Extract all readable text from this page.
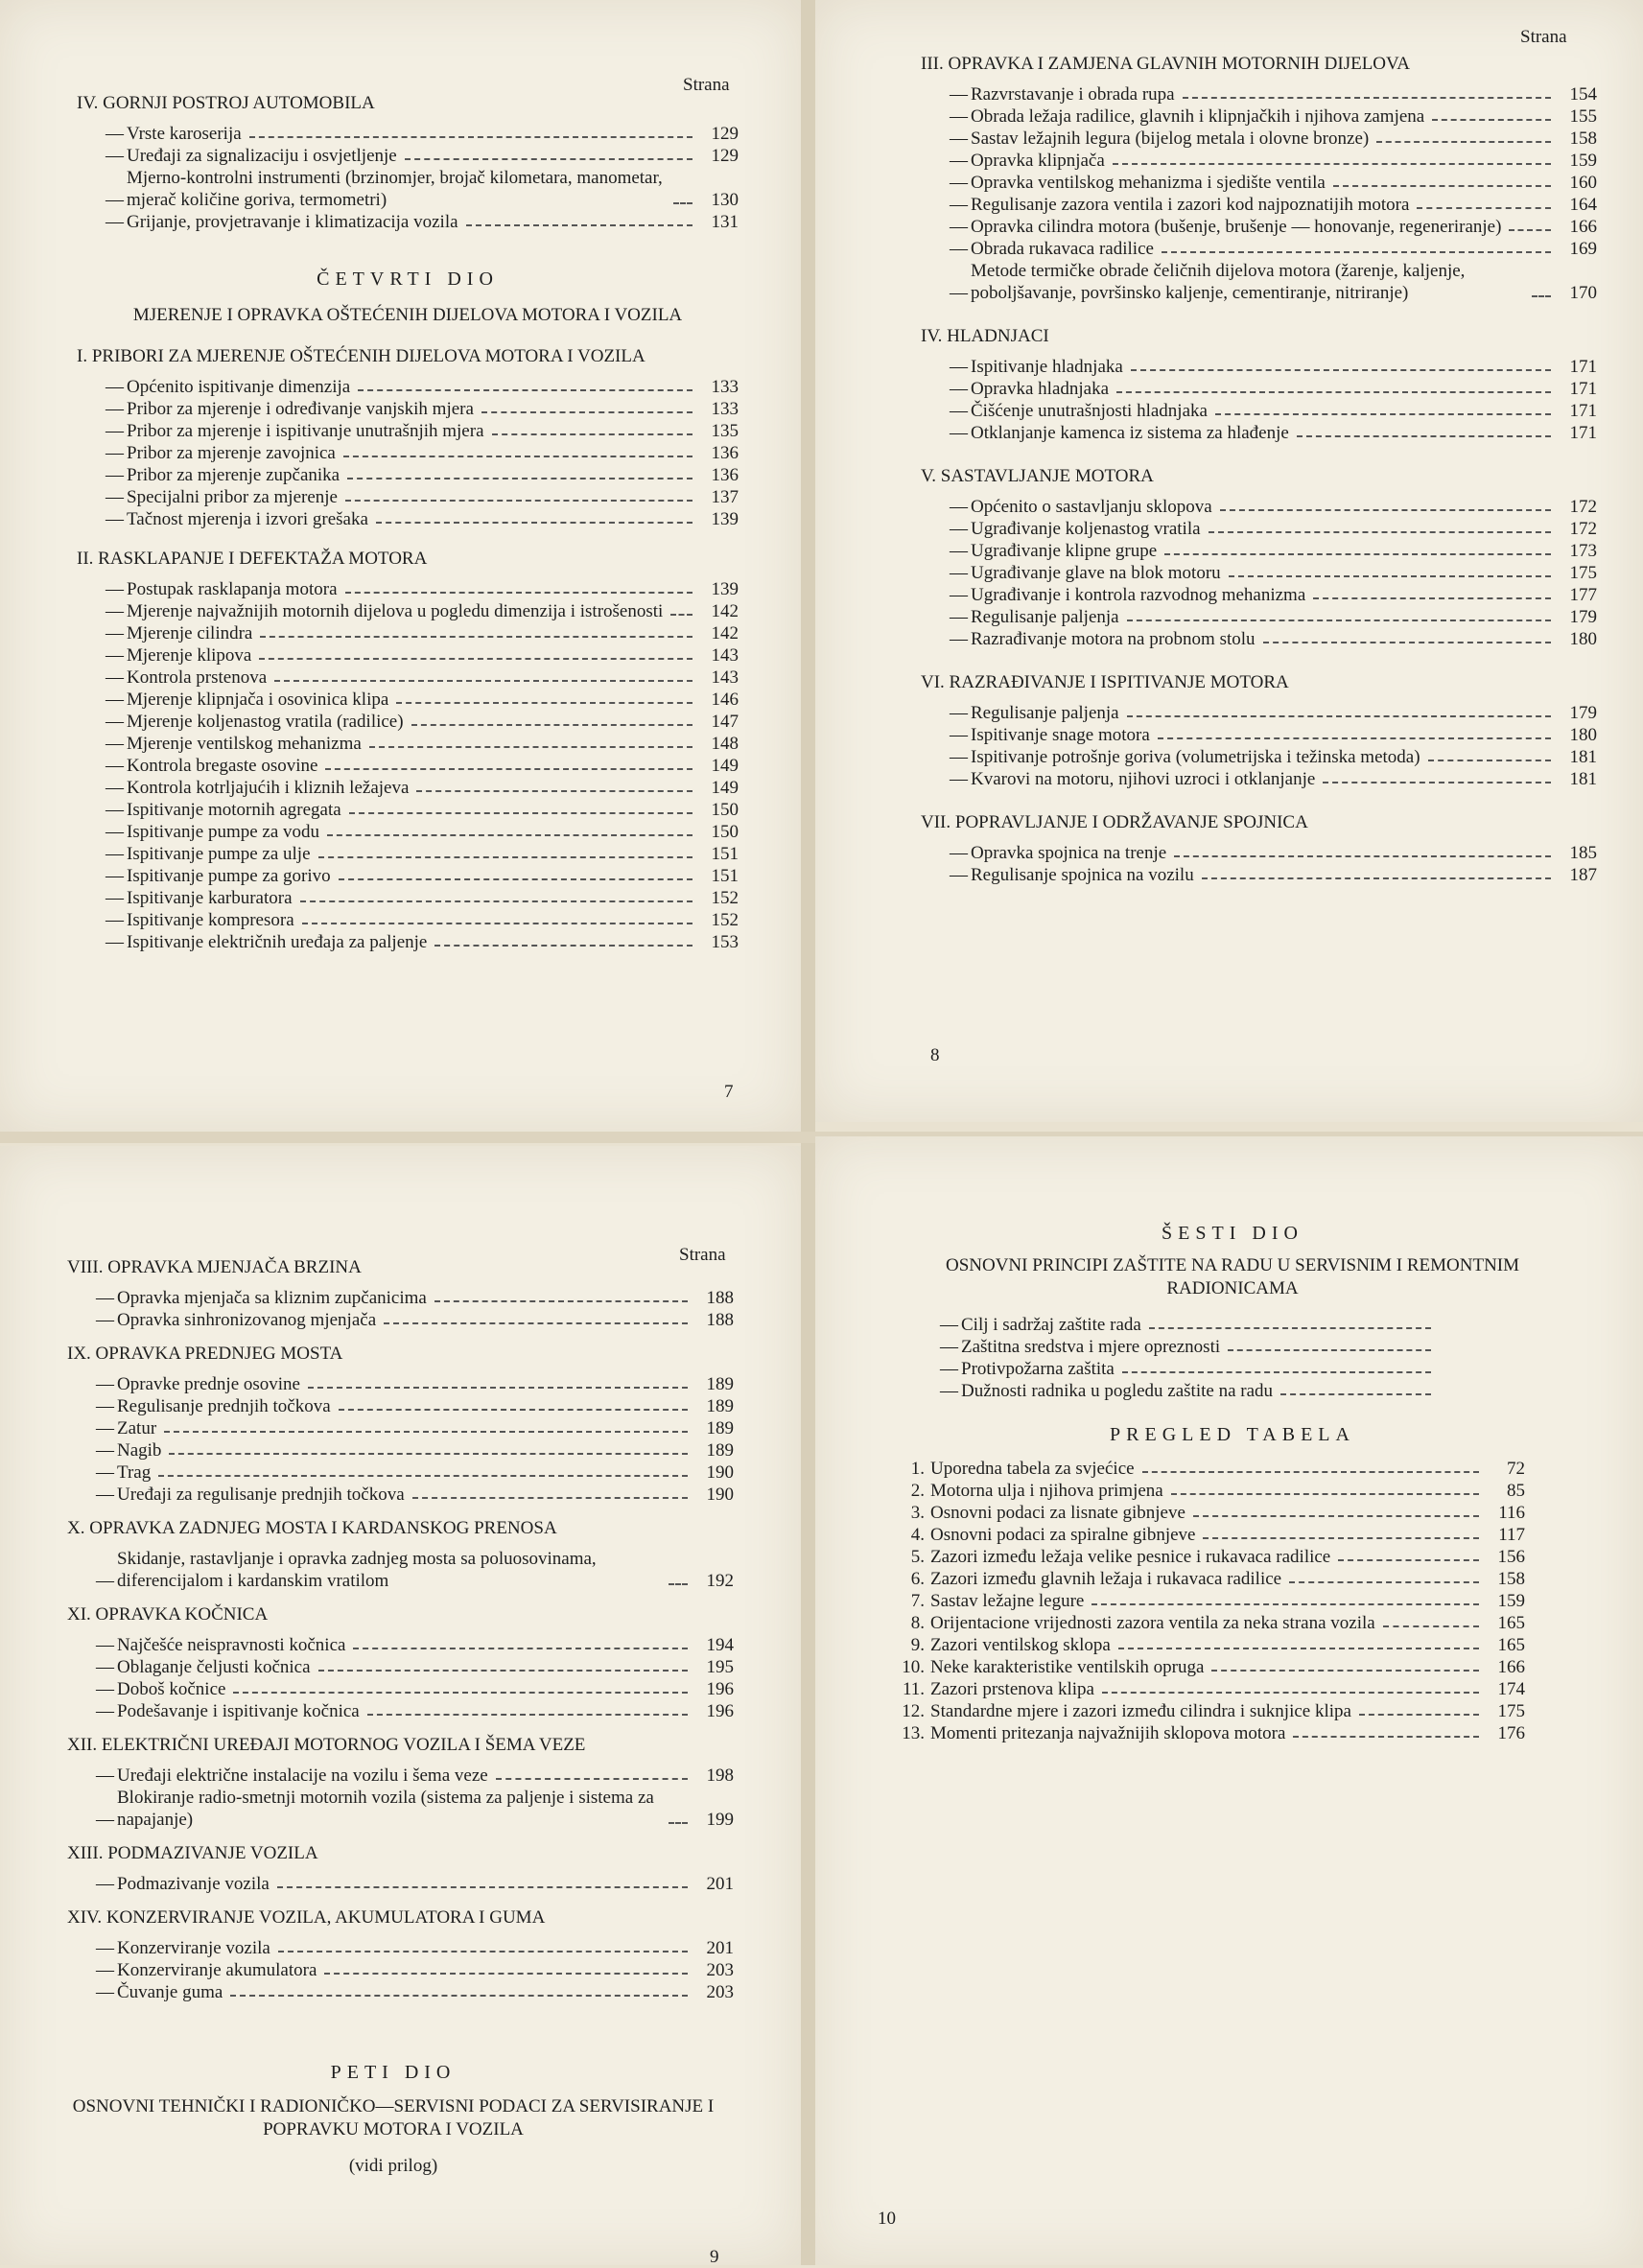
Strana
IV. GORNJI POSTROJ AUTOMOBILA
— Vrste karoserija	129
— Uređaji za signalizaciju i osvjetljenje	129
—
Mjerno-kontrolni instrumenti (brzinomjer, brojač kilometara, manometar, mjerač količine goriva, termometri)	130
— Grijanje, provjetravanje i klimatizacija vozila	131
ČETVRTI DIO
MJERENJE I OPRAVKA OŠTEĆENIH DIJELOVA MOTORA I VOZILA
I. PRIBORI ZA MJERENJE OŠTEĆENIH DIJELOVA MOTORA I VOZILA
— Općenito ispitivanje dimenzija	133
— Pribor za mjerenje i određivanje vanjskih mjera	133
— Pribor za mjerenje i ispitivanje unutrašnjih mjera	135
— Pribor za mjerenje zavojnica	136
— Pribor za mjerenje zupčanika	136
— Specijalni pribor za mjerenje	137
— Tačnost mjerenja i izvori grešaka	139
II. RASKLAPANJE I DEFEKTAŽA MOTORA
— Postupak rasklapanja motora	139
— Mjerenje najvažnijih motornih dijelova u pogledu dimenzija i istrošenosti	142
— Mjerenje cilindra	142
— Mjerenje klipova	143
— Kontrola prstenova	143
— Mjerenje klipnjača i osovinica klipa	146
— Mjerenje koljenastog vratila (radilice)	147
— Mjerenje ventilskog mehanizma	148
— Kontrola bregaste osovine	149
— Kontrola kotrljajućih i kliznih ležajeva	149
— Ispitivanje motornih agregata	150
— Ispitivanje pumpe za vodu	150
— Ispitivanje pumpe za ulje	151
— Ispitivanje pumpe za gorivo	151
— Ispitivanje karburatora	152
— Ispitivanje kompresora	152
— Ispitivanje električnih uređaja za paljenje	153
7
Strana
III. OPRAVKA I ZAMJENA GLAVNIH MOTORNIH DIJELOVA
— Razvrstavanje i obrada rupa	154
— Obrada ležaja radilice, glavnih i klipnjačkih i njihova zamjena	155
— Sastav ležajnih legura (bijelog metala i olovne bronze)	158
— Opravka klipnjača	159
— Opravka ventilskog mehanizma i sjedište ventila	160
— Regulisanje zazora ventila i zazori kod najpoznatijih motora	164
— Opravka cilindra motora (bušenje, brušenje — honovanje, regeneriranje)	166
— Obrada rukavaca radilice	169
—
Metode termičke obrade čeličnih dijelova motora (žarenje, kaljenje, poboljšavanje, površinsko kaljenje, cementiranje, nitriranje)	170
IV. HLADNJACI
— Ispitivanje hladnjaka	171
— Opravka hladnjaka	171
— Čišćenje unutrašnjosti hladnjaka	171
— Otklanjanje kamenca iz sistema za hlađenje	171
V. SASTAVLJANJE MOTORA
— Općenito o sastavljanju sklopova	172
— Ugrađivanje koljenastog vratila	172
— Ugrađivanje klipne grupe	173
— Ugrađivanje glave na blok motoru	175
— Ugrađivanje i kontrola razvodnog mehanizma	177
— Regulisanje paljenja	179
— Razrađivanje motora na probnom stolu	180
VI. RAZRAĐIVANJE I ISPITIVANJE MOTORA
— Regulisanje paljenja	179
— Ispitivanje snage motora	180
— Ispitivanje potrošnje goriva (volumetrijska i težinska metoda)	181
— Kvarovi na motoru, njihovi uzroci i otklanjanje	181
VII. POPRAVLJANJE I ODRŽAVANJE SPOJNICA
— Opravka spojnica na trenje	185
— Regulisanje spojnica na vozilu	187
8
Strana
VIII. OPRAVKA MJENJAČA BRZINA
— Opravka mjenjača sa kliznim zupčanicima	188
— Opravka sinhronizovanog mjenjača	188
IX. OPRAVKA PREDNJEG MOSTA
— Opravke prednje osovine	189
— Regulisanje prednjih točkova	189
— Zatur	189
— Nagib	189
— Trag	190
— Uređaji za regulisanje prednjih točkova	190
X. OPRAVKA ZADNJEG MOSTA I KARDANSKOG PRENOSA
—
Skidanje, rastavljanje i opravka zadnjeg mosta sa poluosovinama, diferencijalom i kardanskim vratilom	192
XI. OPRAVKA KOČNICA
— Najčešće neispravnosti kočnica	194
— Oblaganje čeljusti kočnica	195
— Doboš kočnice	196
— Podešavanje i ispitivanje kočnica	196
XII. ELEKTRIČNI UREĐAJI MOTORNOG VOZILA I ŠEMA VEZE
— Uređaji električne instalacije na vozilu i šema veze	198
—
Blokiranje radio-smetnji motornih vozila (sistema za paljenje i sistema za napajanje)	199
XIII. PODMAZIVANJE VOZILA
— Podmazivanje vozila	201
XIV. KONZERVIRANJE VOZILA, AKUMULATORA I GUMA
— Konzerviranje vozila	201
— Konzerviranje akumulatora	203
— Čuvanje guma	203
PETI DIO
OSNOVNI TEHNIČKI I RADIONIČKO—SERVISNI PODACI ZA SERVISIRANJE I POPRAVKU MOTORA I VOZILA
(vidi prilog)
9
ŠESTI DIO
OSNOVNI PRINCIPI ZAŠTITE NA RADU U SERVISNIM I REMONTNIM RADIONICAMA
— Cilj i sadržaj zaštite rada
— Zaštitna sredstva i mjere opreznosti
— Protivpožarna zaštita
— Dužnosti radnika u pogledu zaštite na radu
PREGLED TABELA
1. Uporedna tabela za svjećice	72
2. Motorna ulja i njihova primjena	85
3. Osnovni podaci za lisnate gibnjeve	116
4. Osnovni podaci za spiralne gibnjeve	117
5. Zazori između ležaja velike pesnice i rukavaca radilice	156
6. Zazori između glavnih ležaja i rukavaca radilice	158
7. Sastav ležajne legure	159
8. Orijentacione vrijednosti zazora ventila za neka strana vozila	165
9. Zazori ventilskog sklopa	165
10. Neke karakteristike ventilskih opruga	166
11. Zazori prstenova klipa	174
12. Standardne mjere i zazori između cilindra i suknjice klipa	175
13. Momenti pritezanja najvažnijih sklopova motora	176
10
